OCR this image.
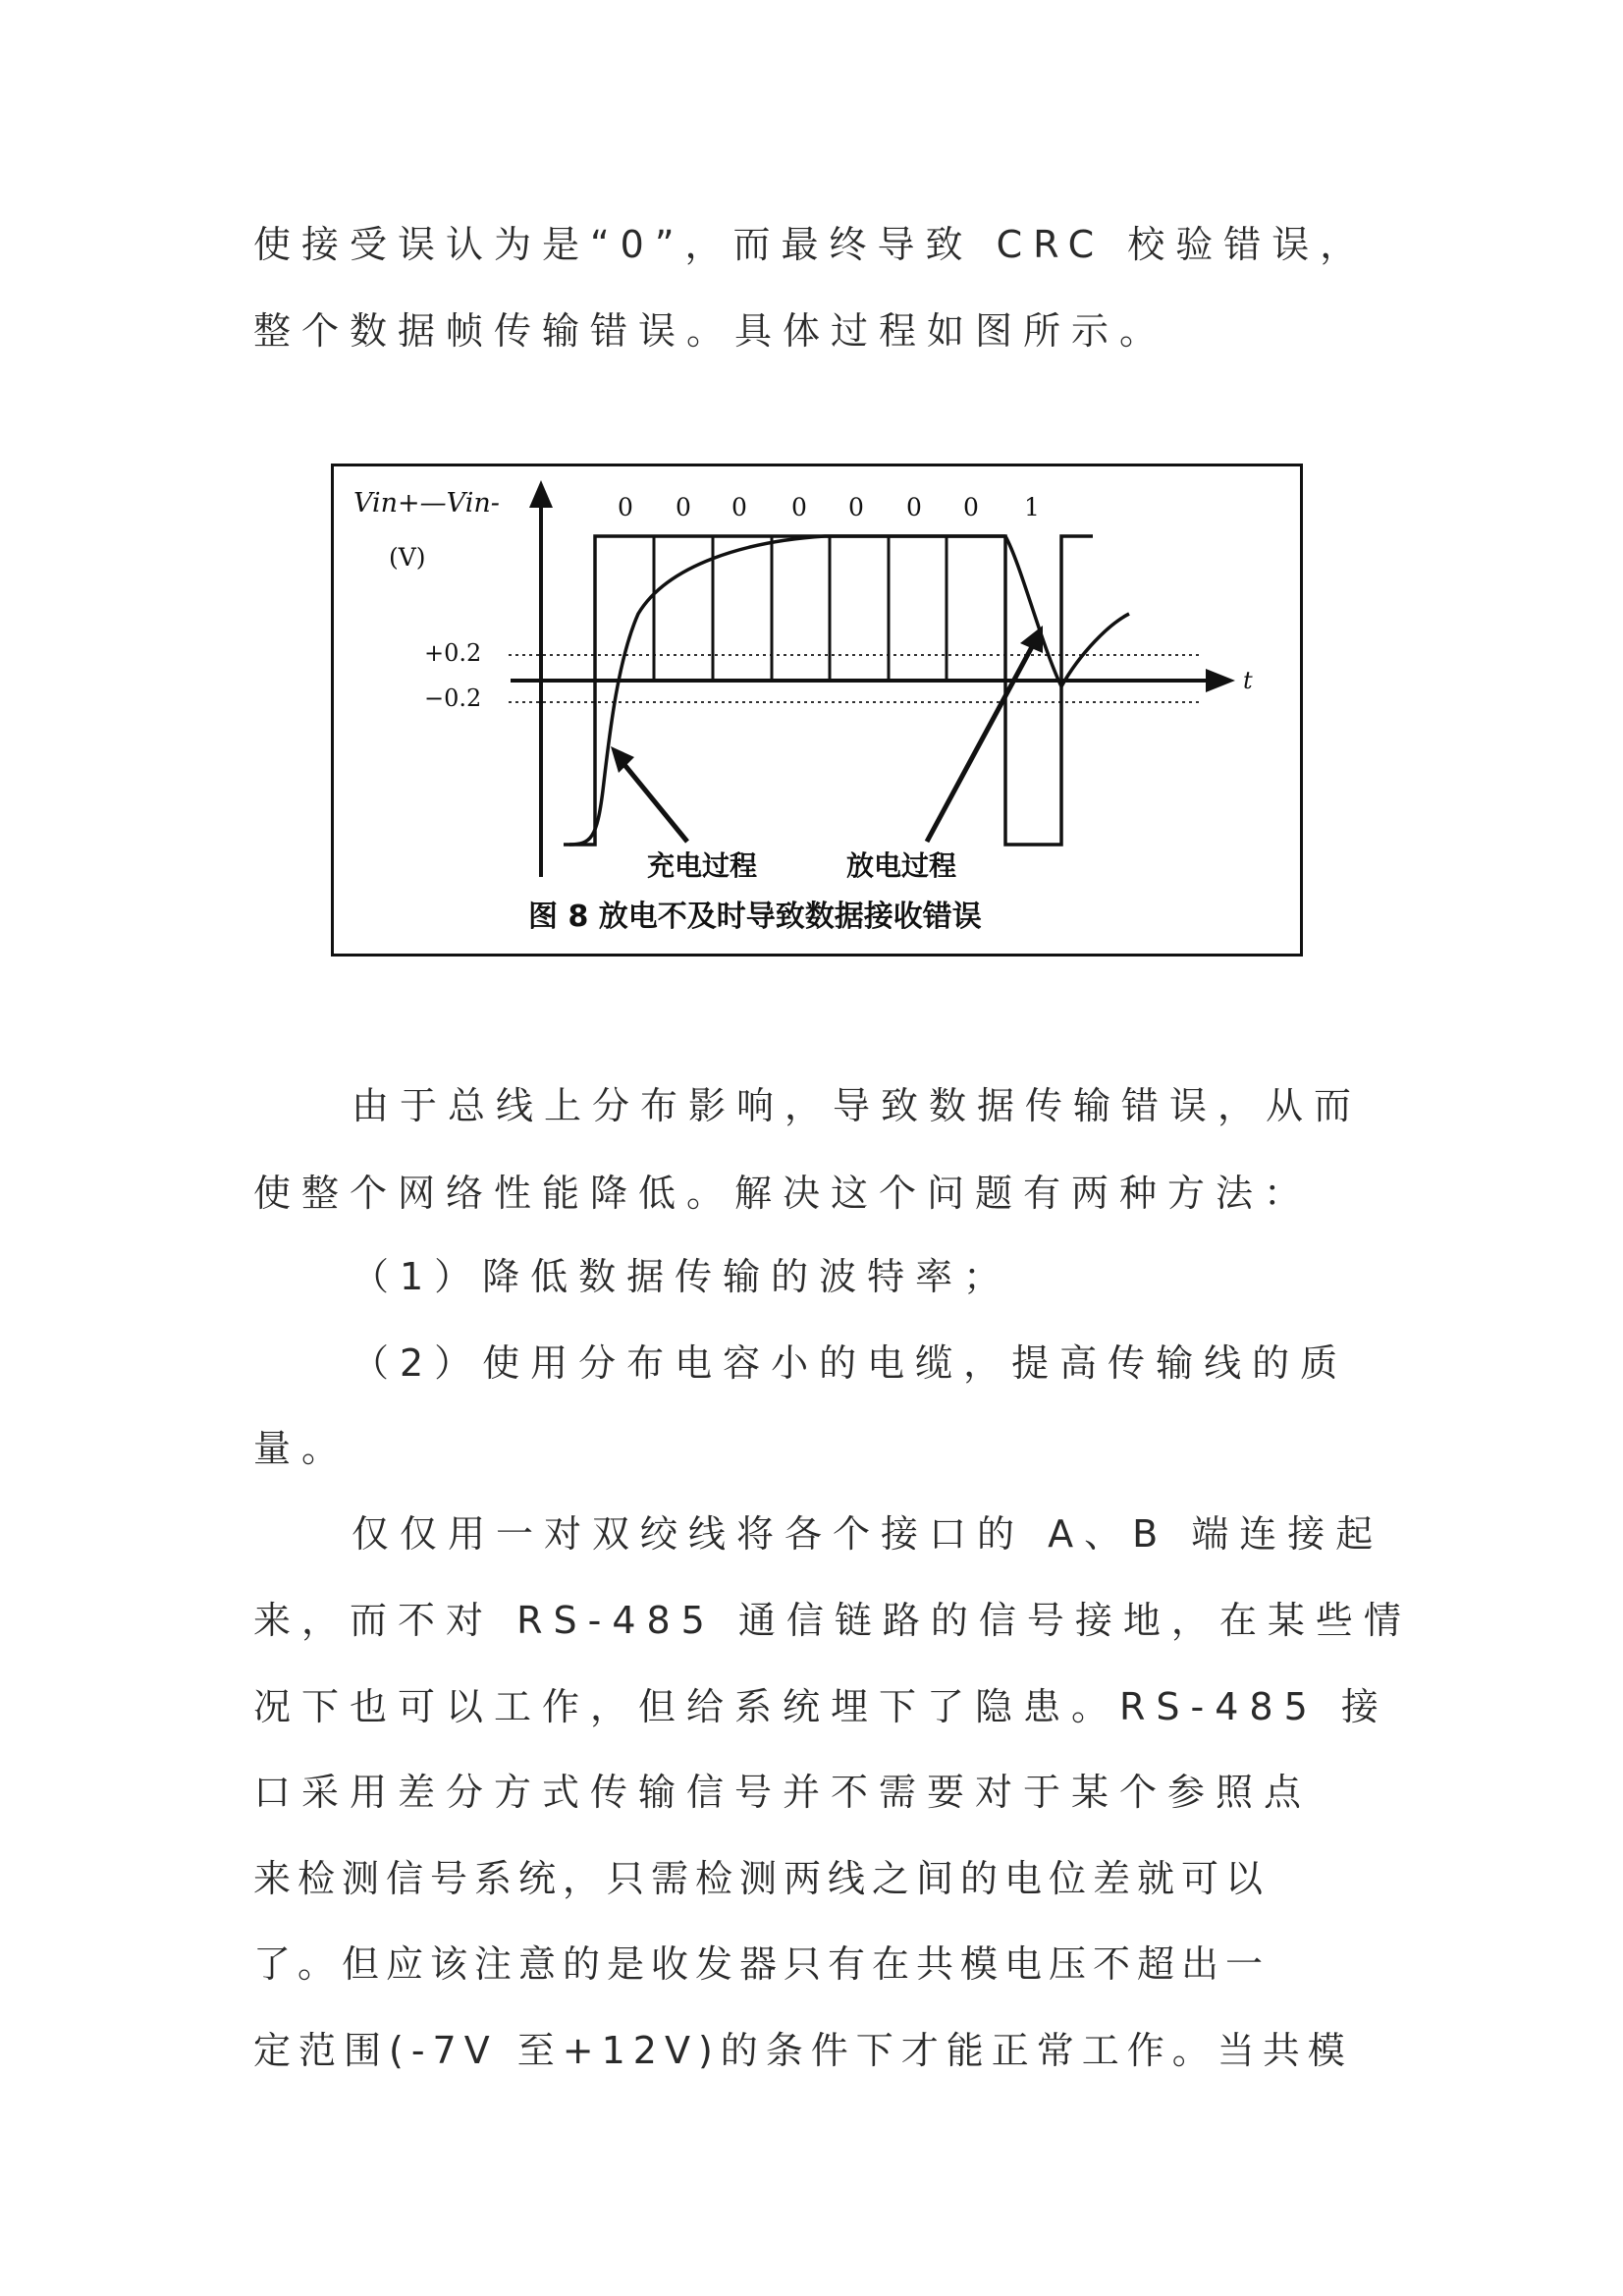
使接受误认为是“0”，而最终导致 CRC 校验错误，
整个数据帧传输错误。具体过程如图所示。
t
Vin+—Vin-
(V)
+0.2
−0.2
0 0 0 0 0 0 0 1
充电过程	放电过程
图 8 放电不及时导致数据接收错误
由于总线上分布影响，导致数据传输错误，从而
使整个网络性能降低。解决这个问题有两种方法：
（1）降低数据传输的波特率；
（2）使用分布电容小的电缆，提高传输线的质
量。
仅仅用一对双绞线将各个接口的 A、B 端连接起
来，而不对 RS-485 通信链路的信号接地，在某些情
况下也可以工作，但给系统埋下了隐患。RS-485 接
口采用差分方式传输信号并不需要对于某个参照点
来检测信号系统，只需检测两线之间的电位差就可以
了。但应该注意的是收发器只有在共模电压不超出一
定范围(-7V 至+12V)的条件下才能正常工作。当共模
